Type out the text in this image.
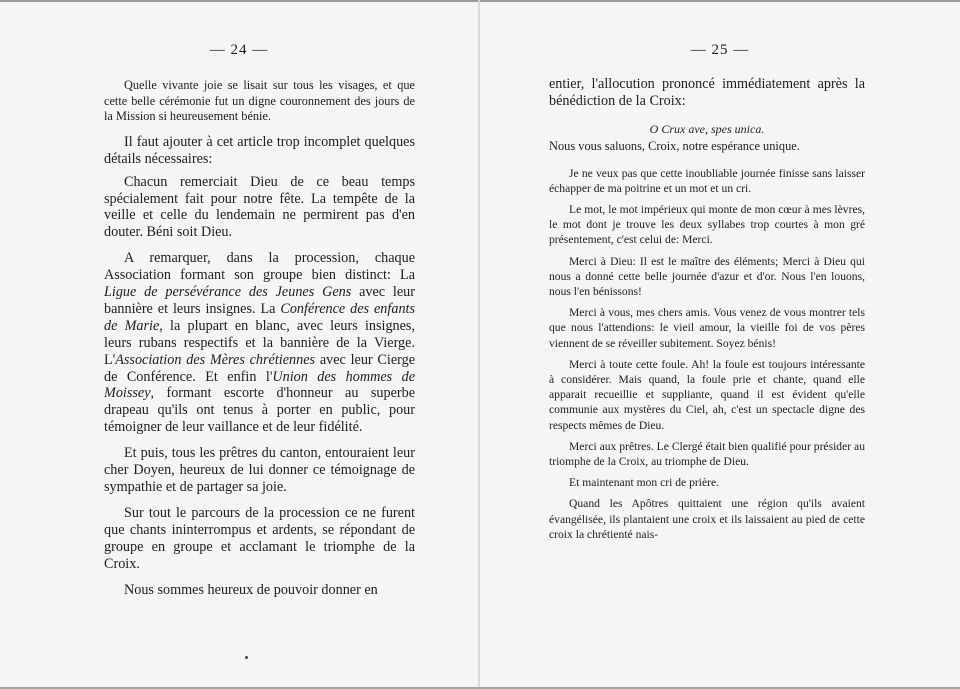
— 24 —

Quelle vivante joie se lisait sur tous les visages, et que cette belle cérémonie fut un digne couronnement des jours de la Mission si heureusement bénie.

Il faut ajouter à cet article trop incomplet quelques détails nécessaires:

Chacun remerciait Dieu de ce beau temps spécialement fait pour notre fête. La tempête de la veille et celle du lendemain ne permirent pas d'en douter. Béni soit Dieu.

A remarquer, dans la procession, chaque Association formant son groupe bien distinct: La Ligue de persévérance des Jeunes Gens avec leur bannière et leurs insignes. La Conférence des enfants de Marie, la plupart en blanc, avec leurs insignes, leurs rubans respectifs et la bannière de la Vierge. L'Association des Mères chrétiennes avec leur Cierge de Conférence. Et enfin l'Union des hommes de Moissey, formant escorte d'honneur au superbe drapeau qu'ils ont tenus à porter en public, pour témoigner de leur vaillance et de leur fidélité.

Et puis, tous les prêtres du canton, entouraient leur cher Doyen, heureux de lui donner ce témoignage de sympathie et de partager sa joie.

Sur tout le parcours de la procession ce ne furent que chants ininterrompus et ardents, se répondant de groupe en groupe et acclamant le triomphe de la Croix.

Nous sommes heureux de pouvoir donner en

— 25 —

entier, l'allocution prononcé immédiatement après la bénédiction de la Croix:

O Crux ave, spes unica.

Nous vous saluons, Croix, notre espérance unique.

Je ne veux pas que cette inoubliable journée finisse sans laisser échapper de ma poitrine et un mot et un cri.

Le mot, le mot impérieux qui monte de mon cœur à mes lèvres, le mot dont je trouve les deux syllabes trop courtes à mon gré présentement, c'est celui de: Merci.

Merci à Dieu: Il est le maître des éléments; Merci à Dieu qui nous a donné cette belle journée d'azur et d'or. Nous l'en louons, nous l'en bénissons!

Merci à vous, mes chers amis. Vous venez de vous montrer tels que nous l'attendions: le vieil amour, la vieille foi de vos pères viennent de se réveiller subitement. Soyez bénis!

Merci à toute cette foule. Ah! la foule est toujours intéressante à considérer. Mais quand, la foule prie et chante, quand elle apparait recueillie et suppliante, quand il est évident qu'elle communie aux mystères du Ciel, ah, c'est un spectacle digne des respects mêmes de Dieu.

Merci aux prêtres. Le Clergé était bien qualifié pour présider au triomphe de la Croix, au triomphe de Dieu.

Et maintenant mon cri de prière.

Quand les Apôtres quittaient une région qu'ils avaient évangélisée, ils plantaient une croix et ils laissaient au pied de cette croix la chrétienté nais-
